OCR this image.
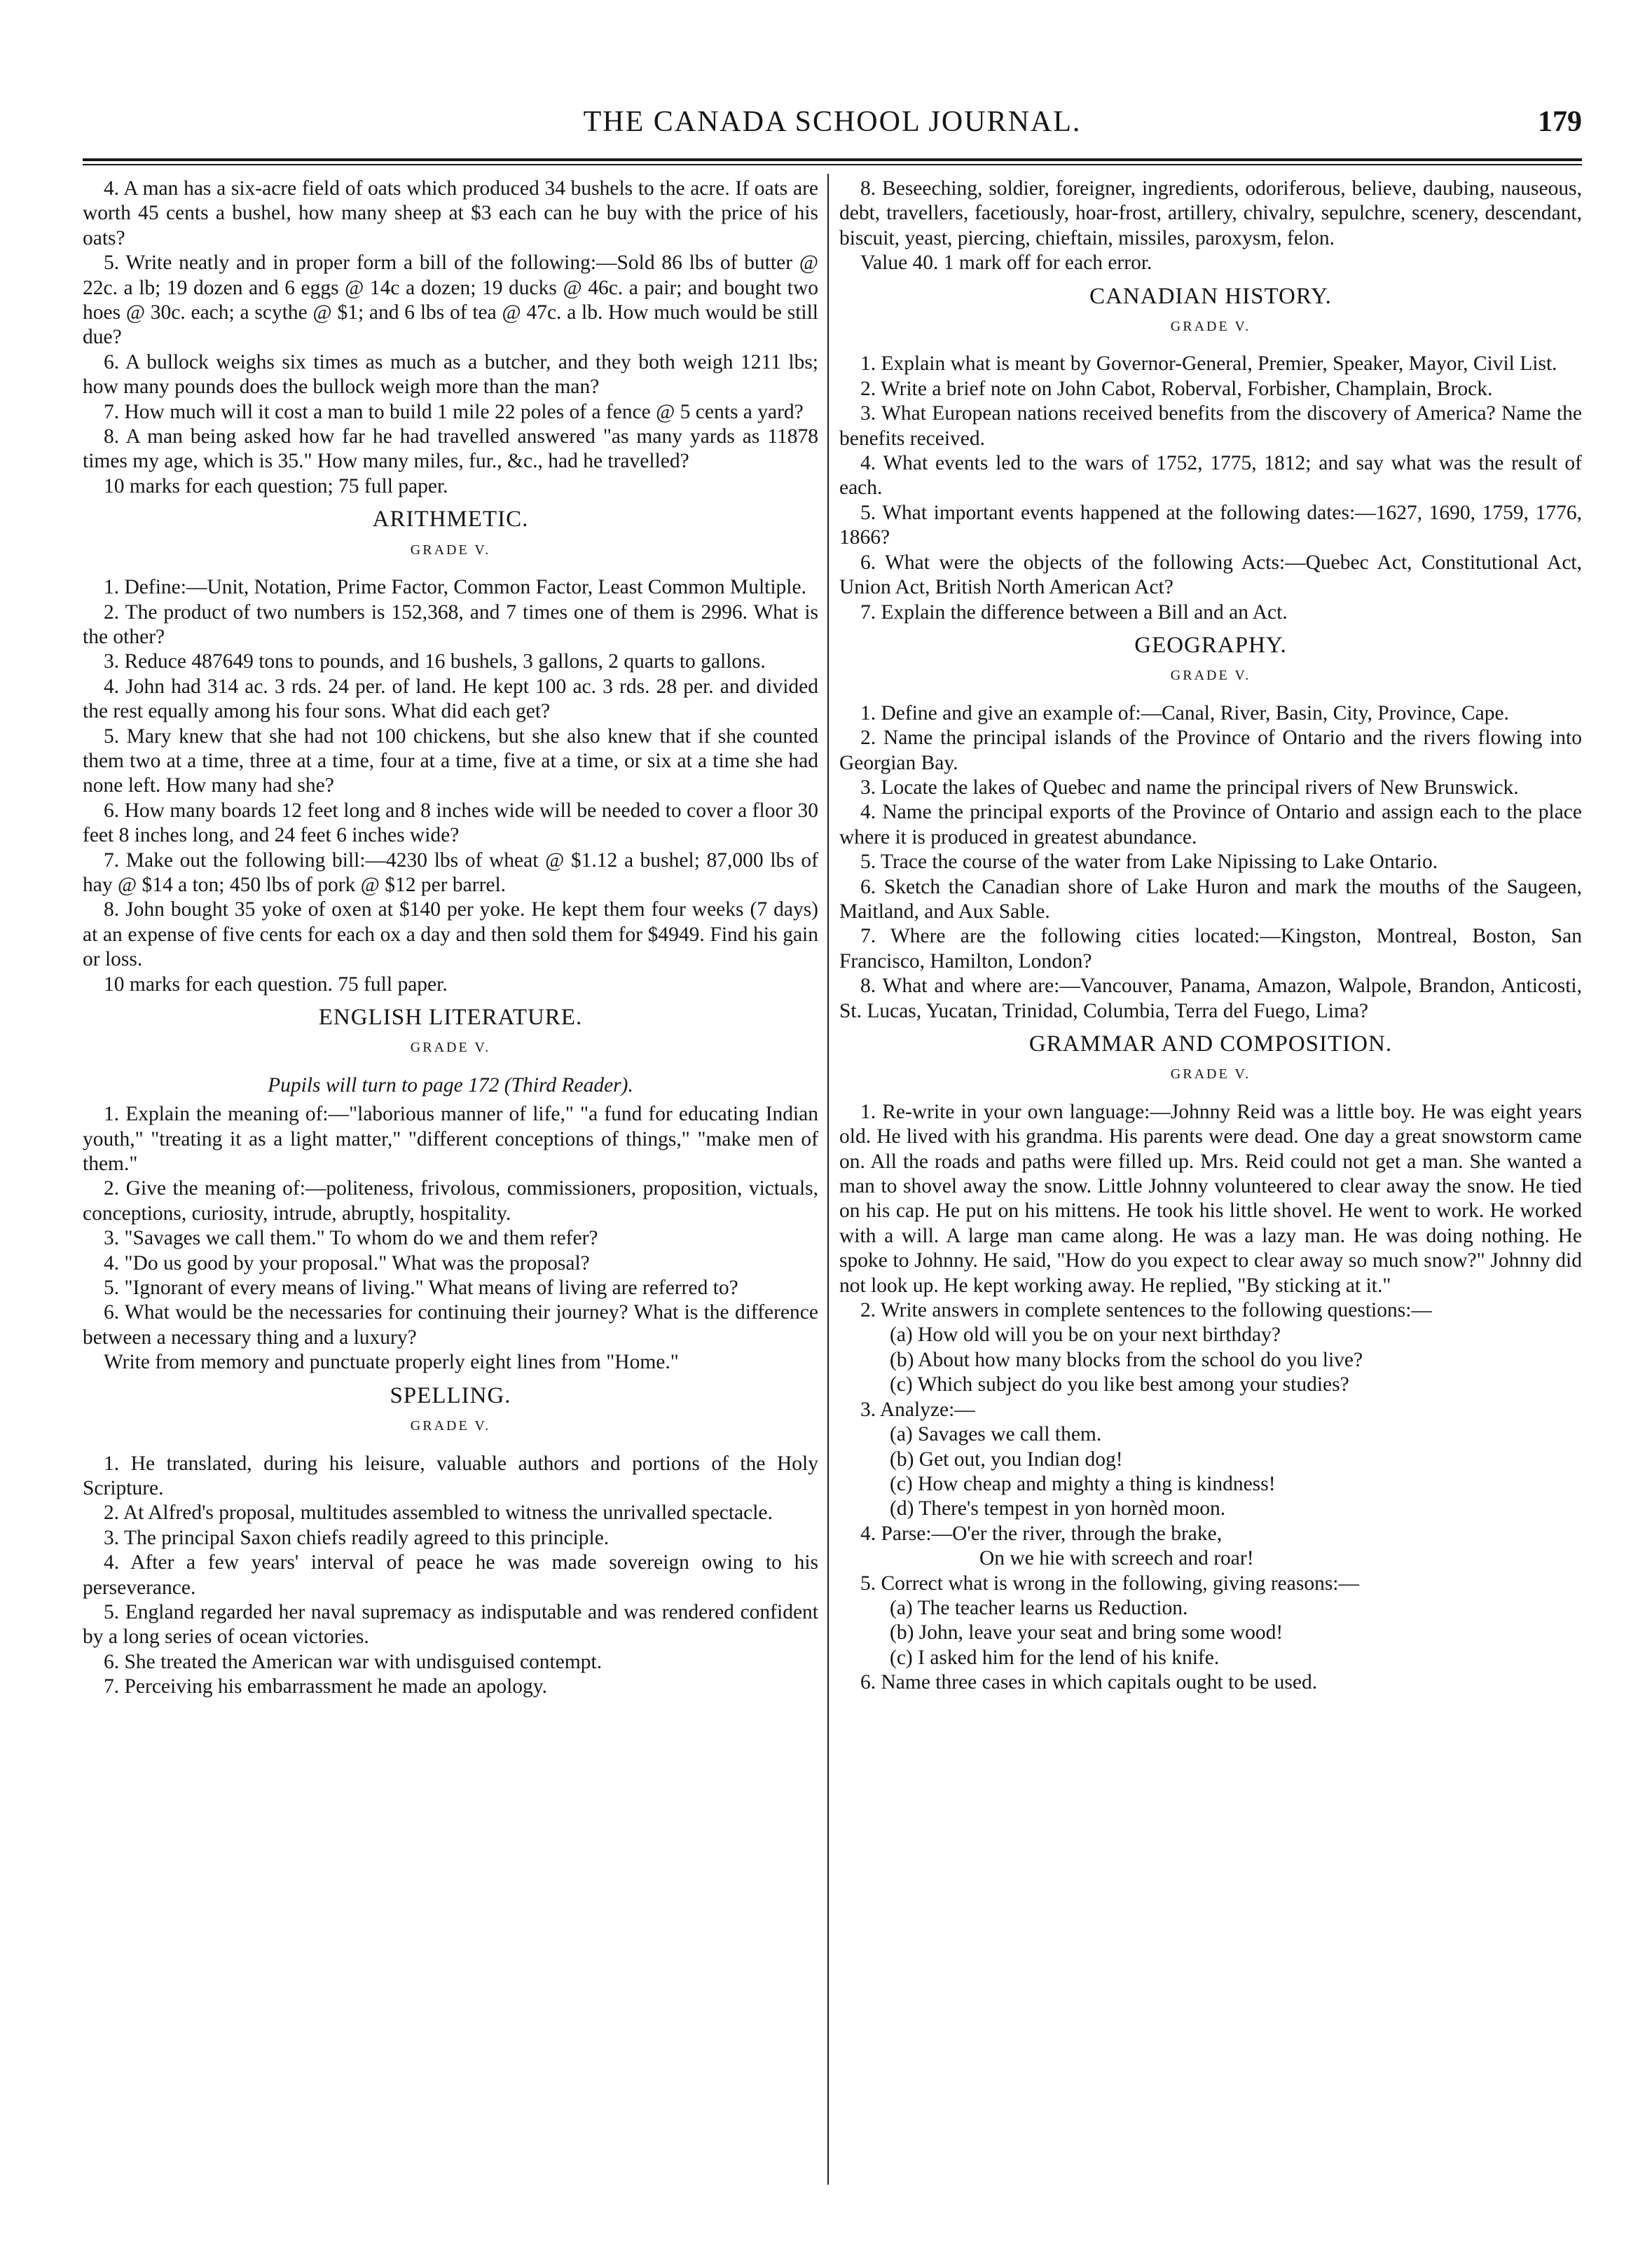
THE CANADA SCHOOL JOURNAL.	179

4. A man has a six-acre field of oats which produced 34 bushels to the acre. If oats are worth 45 cents a bushel, how many sheep at $3 each can he buy with the price of his oats?

5. Write neatly and in proper form a bill of the following:—Sold 86 lbs of butter @ 22c. a lb; 19 dozen and 6 eggs @ 14c a dozen; 19 ducks @ 46c. a pair; and bought two hoes @ 30c. each; a scythe @ $1; and 6 lbs of tea @ 47c. a lb. How much would be still due?

6. A bullock weighs six times as much as a butcher, and they both weigh 1211 lbs; how many pounds does the bullock weigh more than the man?

7. How much will it cost a man to build 1 mile 22 poles of a fence @ 5 cents a yard?

8. A man being asked how far he had travelled answered "as many yards as 11878 times my age, which is 35." How many miles, fur., &c., had he travelled?

10 marks for each question; 75 full paper.

ARITHMETIC.
GRADE V.

1. Define:—Unit, Notation, Prime Factor, Common Factor, Least Common Multiple.

2. The product of two numbers is 152,368, and 7 times one of them is 2996. What is the other?

3. Reduce 487649 tons to pounds, and 16 bushels, 3 gallons, 2 quarts to gallons.

4. John had 314 ac. 3 rds. 24 per. of land. He kept 100 ac. 3 rds. 28 per. and divided the rest equally among his four sons. What did each get?

5. Mary knew that she had not 100 chickens, but she also knew that if she counted them two at a time, three at a time, four at a time, five at a time, or six at a time she had none left. How many had she?

6. How many boards 12 feet long and 8 inches wide will be needed to cover a floor 30 feet 8 inches long, and 24 feet 6 inches wide?

7. Make out the following bill:—4230 lbs of wheat @ $1.12 a bushel; 87,000 lbs of hay @ $14 a ton; 450 lbs of pork @ $12 per barrel.

8. John bought 35 yoke of oxen at $140 per yoke. He kept them four weeks (7 days) at an expense of five cents for each ox a day and then sold them for $4949. Find his gain or loss.

10 marks for each question. 75 full paper.

ENGLISH LITERATURE.
GRADE V.
Pupils will turn to page 172 (Third Reader).

1. Explain the meaning of:—"laborious manner of life," "a fund for educating Indian youth," "treating it as a light matter," "different conceptions of things," "make men of them."

2. Give the meaning of:—politeness, frivolous, commissioners, proposition, victuals, conceptions, curiosity, intrude, abruptly, hospitality.

3. "Savages we call them." To whom do we and them refer?

4. "Do us good by your proposal." What was the proposal?

5. "Ignorant of every means of living." What means of living are referred to?

6. What would be the necessaries for continuing their journey? What is the difference between a necessary thing and a luxury?

Write from memory and punctuate properly eight lines from "Home."

SPELLING.
GRADE V.

1. He translated, during his leisure, valuable authors and portions of the Holy Scripture.

2. At Alfred's proposal, multitudes assembled to witness the unrivalled spectacle.

3. The principal Saxon chiefs readily agreed to this principle.

4. After a few years' interval of peace he was made sovereign owing to his perseverance.

5. England regarded her naval supremacy as indisputable and was rendered confident by a long series of ocean victories.

6. She treated the American war with undisguised contempt.

7. Perceiving his embarrassment he made an apology.

8. Beseeching, soldier, foreigner, ingredients, odoriferous, believe, daubing, nauseous, debt, travellers, facetiously, hoar-frost, artillery, chivalry, sepulchre, scenery, descendant, biscuit, yeast, piercing, chieftain, missiles, paroxysm, felon.

Value 40. 1 mark off for each error.

CANADIAN HISTORY.
GRADE V.

1. Explain what is meant by Governor-General, Premier, Speaker, Mayor, Civil List.

2. Write a brief note on John Cabot, Roberval, Forbisher, Champlain, Brock.

3. What European nations received benefits from the discovery of America? Name the benefits received.

4. What events led to the wars of 1752, 1775, 1812; and say what was the result of each.

5. What important events happened at the following dates:—1627, 1690, 1759, 1776, 1866?

6. What were the objects of the following Acts:—Quebec Act, Constitutional Act, Union Act, British North American Act?

7. Explain the difference between a Bill and an Act.

GEOGRAPHY.
GRADE V.

1. Define and give an example of:—Canal, River, Basin, City, Province, Cape.

2. Name the principal islands of the Province of Ontario and the rivers flowing into Georgian Bay.

3. Locate the lakes of Quebec and name the principal rivers of New Brunswick.

4. Name the principal exports of the Province of Ontario and assign each to the place where it is produced in greatest abundance.

5. Trace the course of the water from Lake Nipissing to Lake Ontario.

6. Sketch the Canadian shore of Lake Huron and mark the mouths of the Saugeen, Maitland, and Aux Sable.

7. Where are the following cities located:—Kingston, Montreal, Boston, San Francisco, Hamilton, London?

8. What and where are:—Vancouver, Panama, Amazon, Walpole, Brandon, Anticosti, St. Lucas, Yucatan, Trinidad, Columbia, Terra del Fuego, Lima?

GRAMMAR AND COMPOSITION.
GRADE V.

1. Re-write in your own language:—Johnny Reid was a little boy. He was eight years old. He lived with his grandma. His parents were dead. One day a great snowstorm came on. All the roads and paths were filled up. Mrs. Reid could not get a man. She wanted a man to shovel away the snow. Little Johnny volunteered to clear away the snow. He tied on his cap. He put on his mittens. He took his little shovel. He went to work. He worked with a will. A large man came along. He was a lazy man. He was doing nothing. He spoke to Johnny. He said, "How do you expect to clear away so much snow?" Johnny did not look up. He kept working away. He replied, "By sticking at it."

2. Write answers in complete sentences to the following questions:—

(a) How old will you be on your next birthday?

(b) About how many blocks from the school do you live?

(c) Which subject do you like best among your studies?

3. Analyze:—

(a) Savages we call them.

(b) Get out, you Indian dog!

(c) How cheap and mighty a thing is kindness!

(d) There's tempest in yon hornèd moon.

4. Parse:—O'er the river, through the brake,

On we hie with screech and roar!

5. Correct what is wrong in the following, giving reasons:—

(a) The teacher learns us Reduction.

(b) John, leave your seat and bring some wood!

(c) I asked him for the lend of his knife.

6. Name three cases in which capitals ought to be used.
